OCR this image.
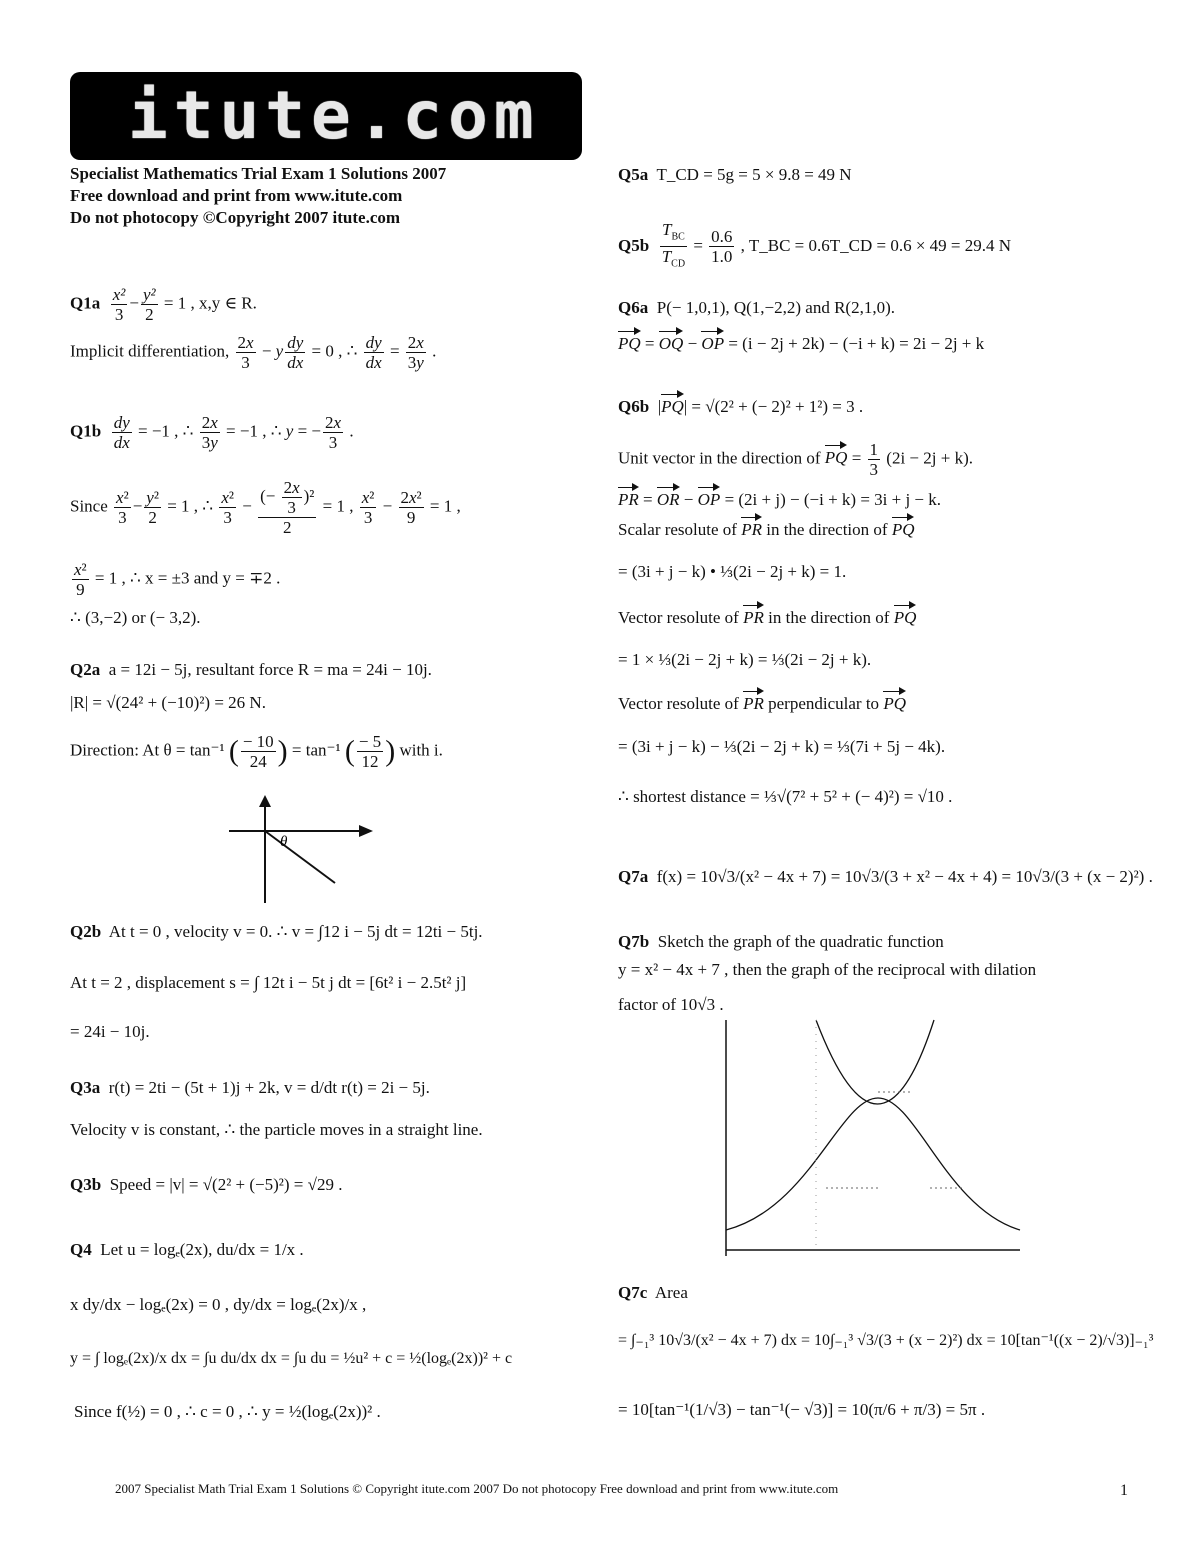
itute.com
Specialist Mathematics Trial Exam 1 Solutions 2007
Free download and print from www.itute.com
Do not photocopy ©Copyright 2007 itute.com
$Q1a \frac{\text{x²}}{3} - \frac{\text{y²}}{2} = 1$ , x,y ∈ R.
Implicit differentiation, $\frac{2x}{3} - y \frac{dy}{dx} = 0$ , ∴ $\frac{dy}{dx} = \frac{2x}{3y}$ .
$Q1b \frac{dy}{dx} = -1$ , ∴ $\frac{2x}{3y} = -1$ , ∴ y = − $\frac{2x}{3}$ .
Since $\frac{\text{x²}}{3} - \frac{\text{y²}}{2} = 1$ , ∴ $\frac{\text{x²}}{3} - \frac{(- \frac{2x}{3} )^2}{2} = 1$ , $\frac{\text{x²}}{3} - \frac{\text{2x²}}{9} = 1$ ,
$\frac{\text{x²}}{9} = 1$ , ∴ x = ±3 and y = ∓2 .
∴ (3,−2) or (− 3,2).
Q2a a = 12i − 5j, resultant force R = ma = 24i − 10j.
|R| = √(24² + (−10)²) = 26 N.
Direction: At θ = tan⁻¹ ( $\frac{- 10}{24}$ ) = tan⁻¹ ( $\frac{- 5}{12}$ ) with i.
θ
Q2b At t = 0 , velocity v = 0. ∴ v = ∫12 i − 5j dt = 12ti − 5tj.
At t = 2 , displacement s = ∫ 12t i − 5t j dt = [6t² i − 2.5t² j]
= 24i − 10j.
Q3a r(t) = 2ti − (5t + 1)j + 2k, v = d/dt r(t) = 2i − 5j.
Velocity v is constant, ∴ the particle moves in a straight line.
Q3b Speed = |v| = √(2² + (−5)²) = √29 .
Q4 Let u = logₑ(2x), du/dx = 1/x .
x dy/dx − logₑ(2x) = 0 , dy/dx = logₑ(2x)/x ,
y = ∫ logₑ(2x)/x dx = ∫u du/dx dx = ∫u du = ½u² + c = ½(logₑ(2x))² + c
Since f(½) = 0 , ∴ c = 0 , ∴ y = ½(logₑ(2x))² .
Q5a T_CD = 5g = 5 × 9.8 = 49 N
$Q5b \frac{T_{BC}}{T_{CD}} = \frac{0.6}{1.0}$ , T_BC = 0.6T_CD = 0.6 × 49 = 29.4 N
Q6a P(− 1,0,1), Q(1,−2,2) and R(2,1,0).
PQ = OQ − OP = (i − 2j + 2k) − (−i + k) = 2i − 2j + k
Q6b  |PQ| = √(2² + (− 2)² + 1²) = 3 .
Unit vector in the direction of PQ = $\frac{1}{3} (2i - 2j + k)$.
PR = OR − OP = (2i + j) − (−i + k) = 3i + j − k.
Scalar resolute of PR in the direction of PQ
= (3i + j − k) • ⅓(2i − 2j + k) = 1.
Vector resolute of PR in the direction of PQ
= 1 × ⅓(2i − 2j + k) = ⅓(2i − 2j + k).
Vector resolute of PR perpendicular to PQ
= (3i + j − k) − ⅓(2i − 2j + k) = ⅓(7i + 5j − 4k).
∴ shortest distance = ⅓√(7² + 5² + (− 4)²) = √10 .
Q7a f(x) = 10√3/(x² − 4x + 7) = 10√3/(3 + x² − 4x + 4) = 10√3/(3 + (x − 2)²) .
Q7b Sketch the graph of the quadratic function
y = x² − 4x + 7 , then the graph of the reciprocal with dilation
factor of 10√3 .
Q7c Area
= ∫₋₁³ 10√3/(x² − 4x + 7) dx = 10∫₋₁³ √3/(3 + (x − 2)²) dx = 10[tan⁻¹((x − 2)/√3)]₋₁³
= 10[tan⁻¹(1/√3) − tan⁻¹(− √3)] = 10(π/6 + π/3) = 5π .
2007 Specialist Math Trial Exam 1 Solutions © Copyright itute.com 2007 Do not photocopy Free download and print from www.itute.com	1
